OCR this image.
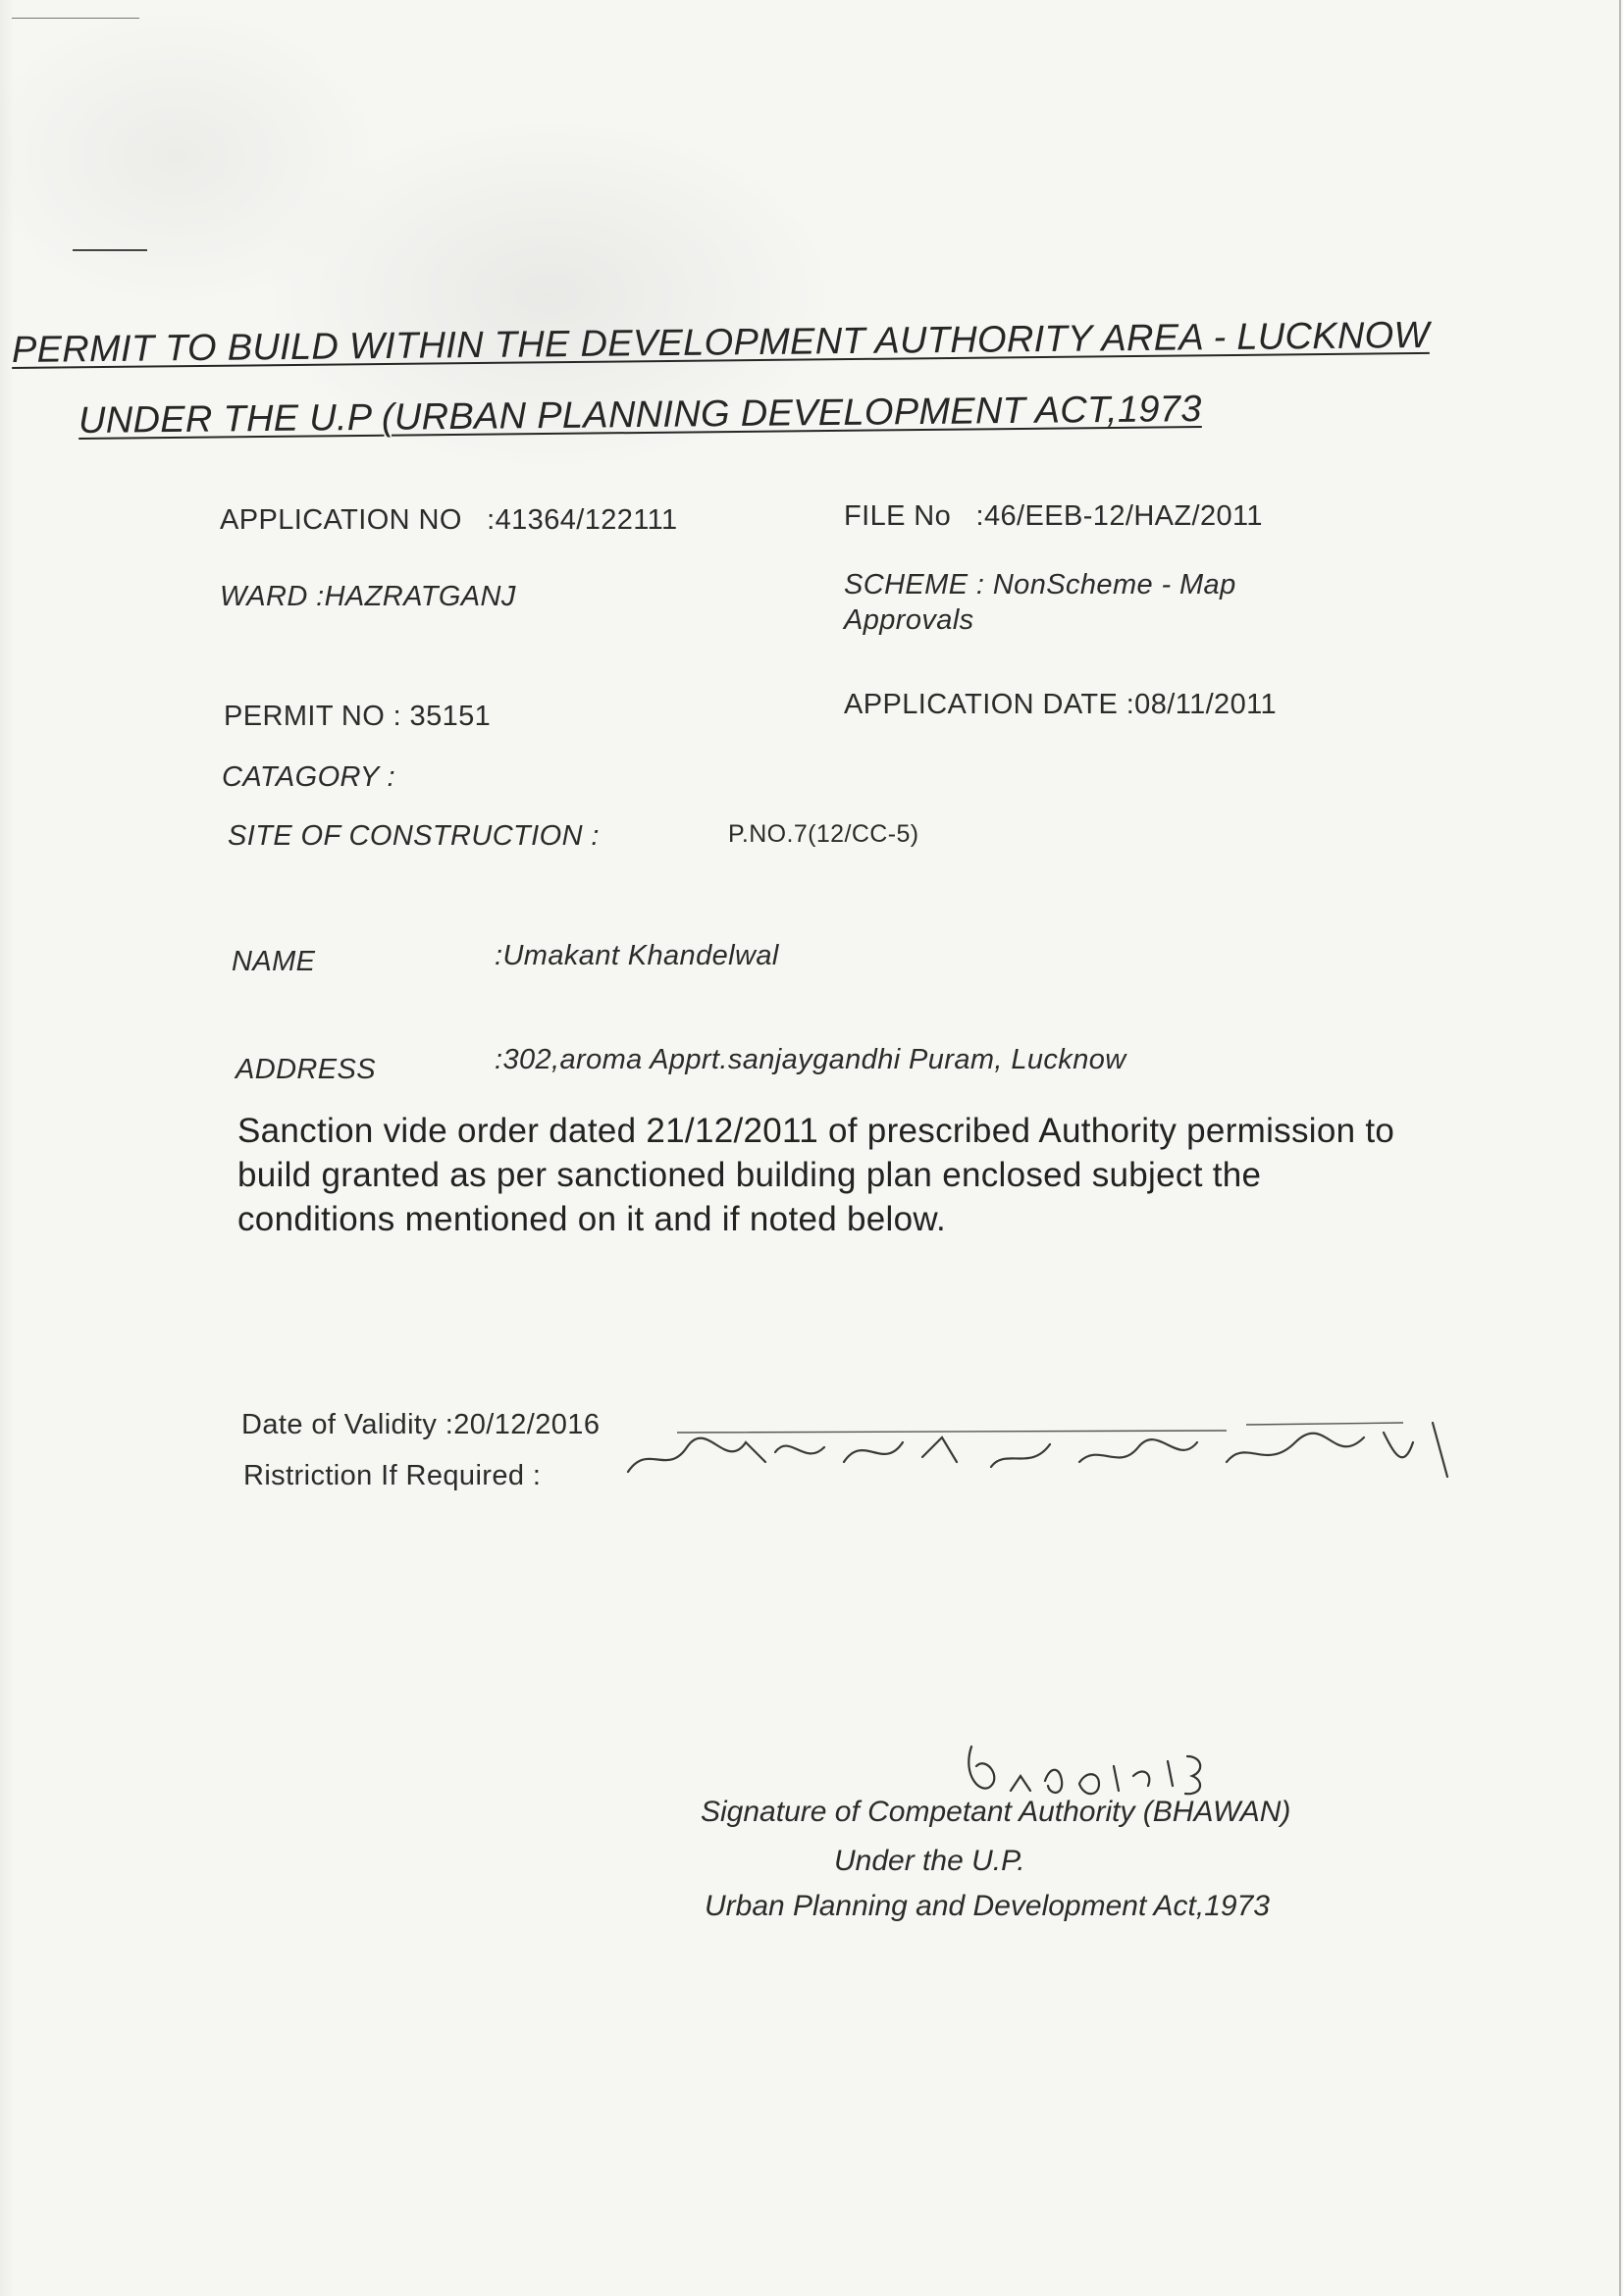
PERMIT TO BUILD WITHIN THE DEVELOPMENT AUTHORITY AREA - LUCKNOW
UNDER THE U.P (URBAN PLANNING DEVELOPMENT ACT,1973
APPLICATION NO   :41364/122111	FILE No   :46/EEB-12/HAZ/2011
WARD :HAZRATGANJ	SCHEME : NonScheme - Map
Approvals
PERMIT NO : 35151	APPLICATION DATE :08/11/2011
CATAGORY :
SITE OF CONSTRUCTION :	P.NO.7(12/CC-5)
NAME	:Umakant Khandelwal
ADDRESS	:302,aroma Apprt.sanjaygandhi Puram, Lucknow
Sanction vide order dated 21/12/2011 of prescribed Authority permission to build granted as per sanctioned building plan enclosed subject the conditions mentioned on it and if noted below.
Date of Validity :20/12/2016
Ristriction If Required :
Signature of Competant Authority (BHAWAN)
Under the U.P.
Urban Planning and Development Act,1973
